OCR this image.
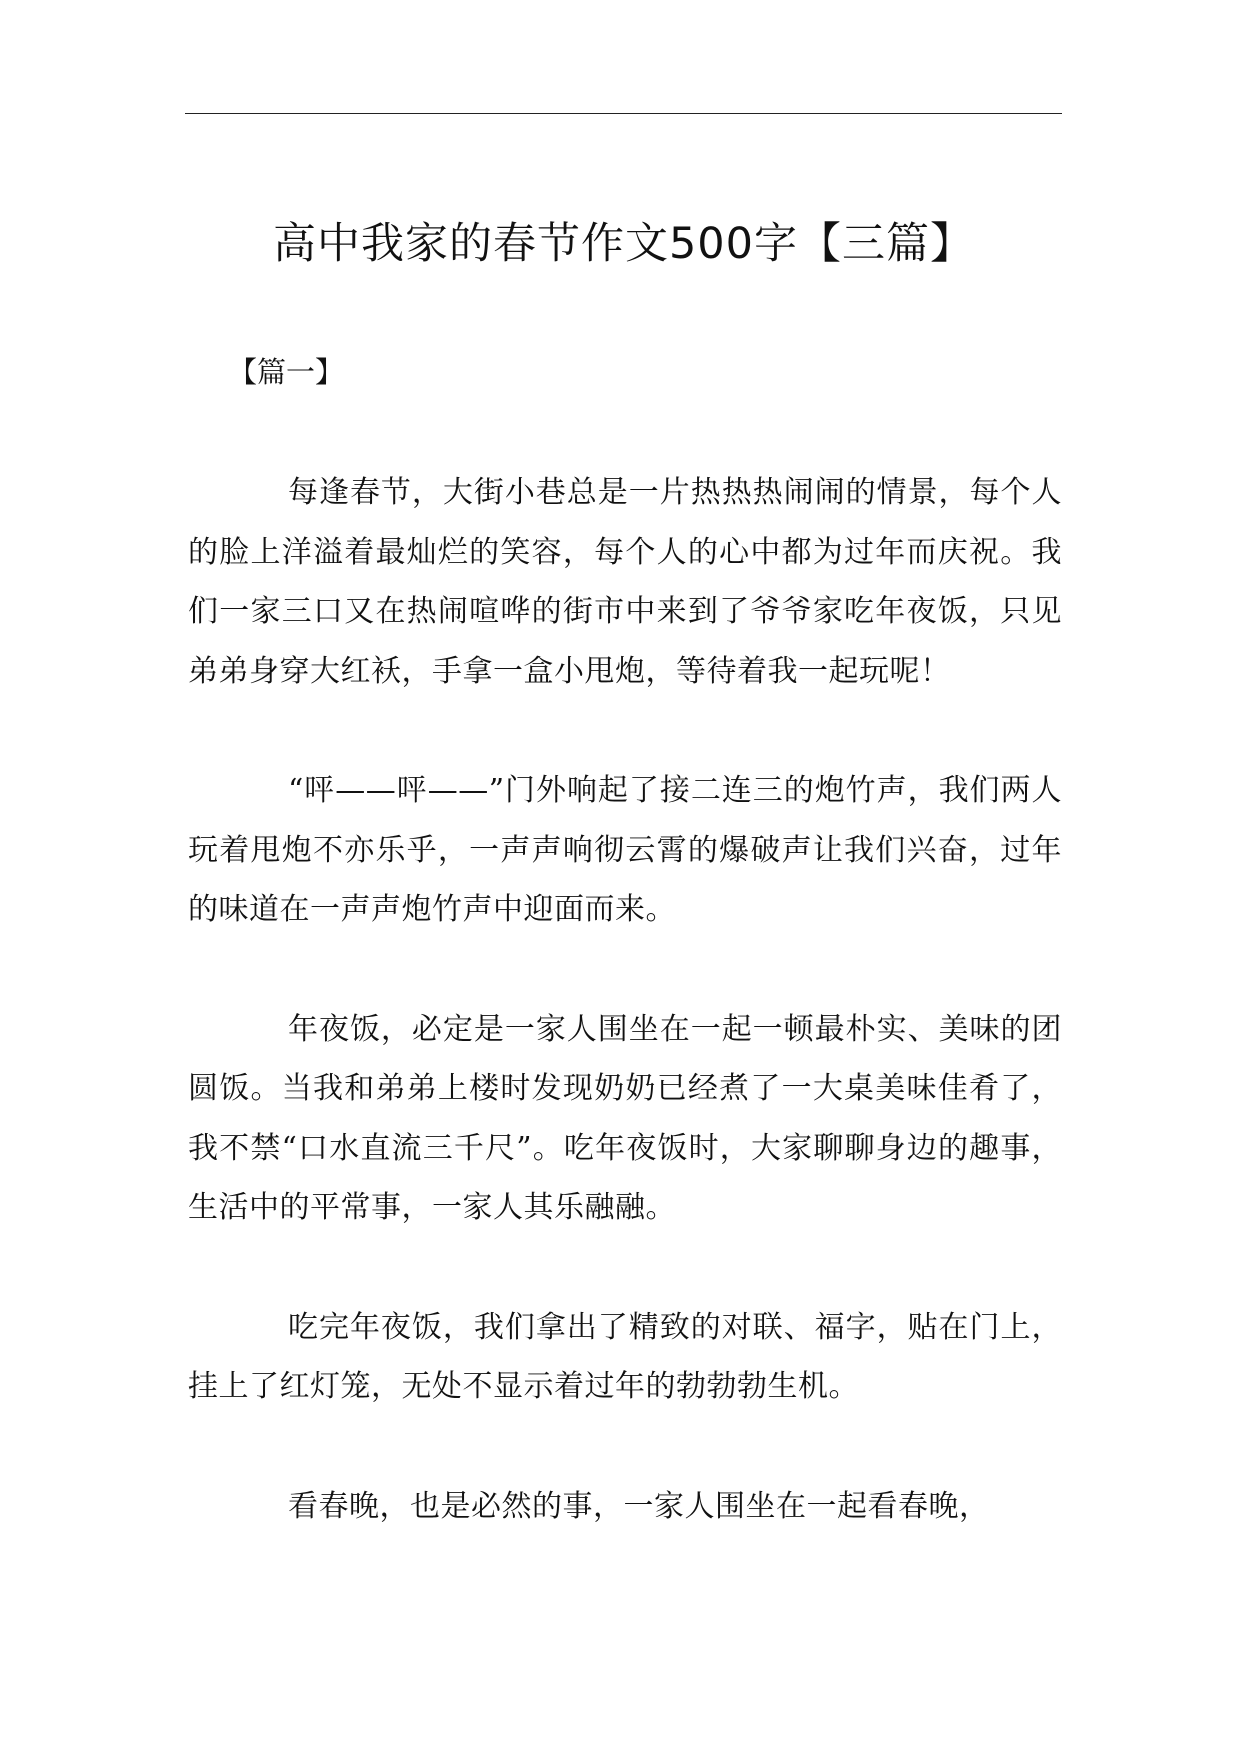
高中我家的春节作文500字【三篇】
【篇一】

每逢春节，大街小巷总是一片热热热闹闹的情景，每个人的脸上洋溢着最灿烂的笑容，每个人的心中都为过年而庆祝。我们一家三口又在热闹喧哗的街市中来到了爷爷家吃年夜饭，只见弟弟身穿大红袄，手拿一盒小甩炮，等待着我一起玩呢！

“呯——呯——”门外响起了接二连三的炮竹声，我们两人玩着甩炮不亦乐乎，一声声响彻云霄的爆破声让我们兴奋，过年的味道在一声声炮竹声中迎面而来。

年夜饭，必定是一家人围坐在一起一顿最朴实、美味的团圆饭。当我和弟弟上楼时发现奶奶已经煮了一大桌美味佳肴了，我不禁“口水直流三千尺”。吃年夜饭时，大家聊聊身边的趣事，生活中的平常事，一家人其乐融融。

吃完年夜饭，我们拿出了精致的对联、福字，贴在门上，挂上了红灯笼，无处不显示着过年的勃勃勃生机。

看春晚，也是必然的事，一家人围坐在一起看春晚，
